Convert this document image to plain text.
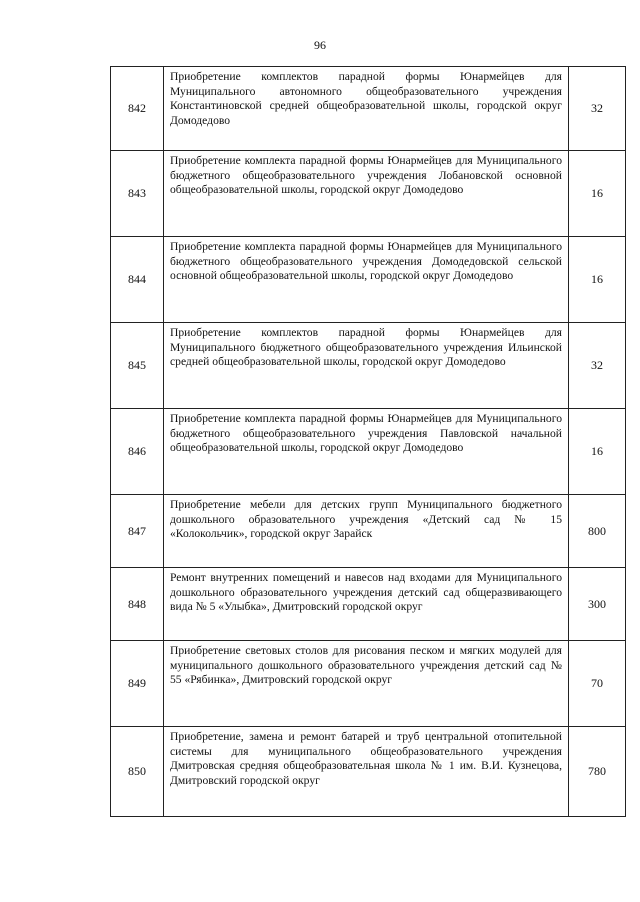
96
842	Приобретение комплектов парадной формы Юнармейцев для Муниципального автономного общеобразовательного учреждения Константиновской средней общеобразовательной школы, городской округ Домодедово	32
843	Приобретение комплекта парадной формы Юнармейцев для Муниципального бюджетного общеобразовательного учреждения Лобановской основной общеобразовательной школы, городской округ Домодедово	16
844	Приобретение комплекта парадной формы Юнармейцев для Муниципального бюджетного общеобразовательного учреждения Домодедовской сельской основной общеобразовательной школы, городской округ Домодедово	16
845	Приобретение комплектов парадной формы Юнармейцев для Муниципального бюджетного общеобразовательного учреждения Ильинской средней общеобразовательной школы, городской округ Домодедово	32
846	Приобретение комплекта парадной формы Юнармейцев для Муниципального бюджетного общеобразовательного учреждения Павловской начальной общеобразовательной школы, городской округ Домодедово	16
847	Приобретение мебели для детских групп Муниципального бюджетного дошкольного образовательного учреждения «Детский сад № 15 «Колокольчик», городской округ Зарайск	800
848	Ремонт внутренних помещений и навесов над входами для Муниципального дошкольного образовательного учреждения детский сад общеразвивающего вида № 5 «Улыбка», Дмитровский городской округ	300
849	Приобретение световых столов для рисования песком и мягких модулей для муниципального дошкольного образовательного учреждения детский сад № 55 «Рябинка», Дмитровский городской округ	70
850	Приобретение, замена и ремонт батарей и труб центральной отопительной системы для муниципального общеобразовательного учреждения Дмитровская средняя общеобразовательная школа № 1 им. В.И. Кузнецова, Дмитровский городской округ	780
